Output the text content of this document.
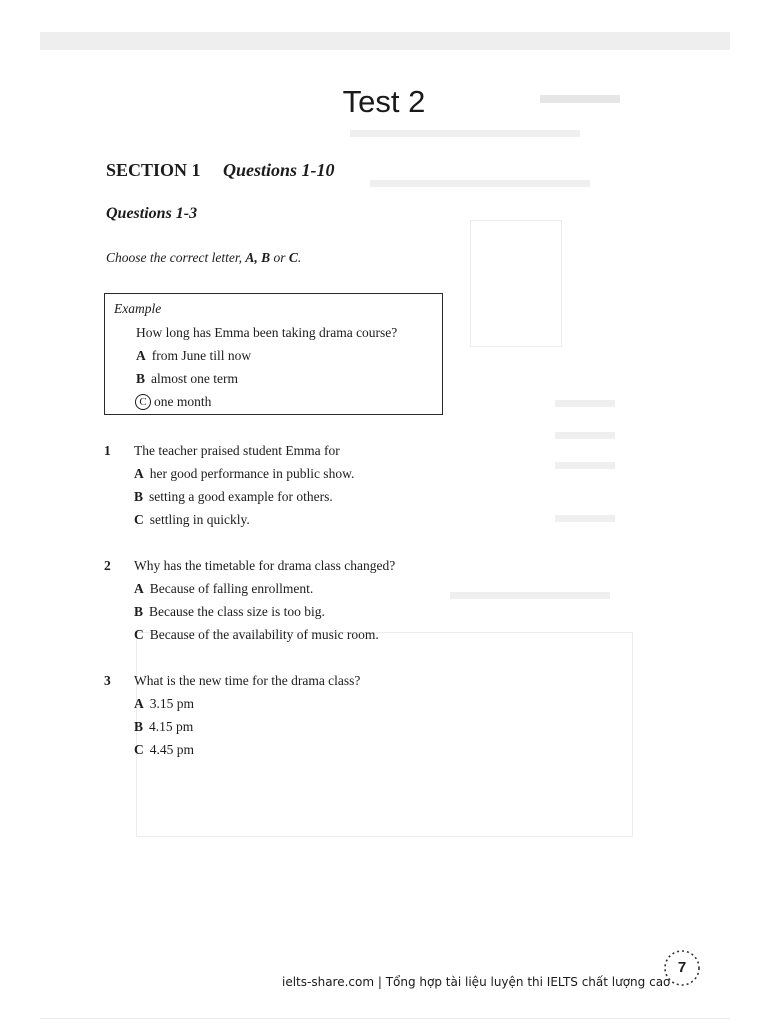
Test 2
SECTION 1 Questions 1-10
Questions 1-3
Choose the correct letter, A, B or C.
Example
How long has Emma been taking drama course?
A from June till now
B almost one term
C one month
1 The teacher praised student Emma for
A her good performance in public show.
B setting a good example for others.
C settling in quickly.
2 Why has the timetable for drama class changed?
A Because of falling enrollment.
B Because the class size is too big.
C Because of the availability of music room.
3 What is the new time for the drama class?
A 3.15 pm
B 4.15 pm
C 4.45 pm
ielts-share.com | Tổng hợp tài liệu luyện thi IELTS chất lượng cao
7
